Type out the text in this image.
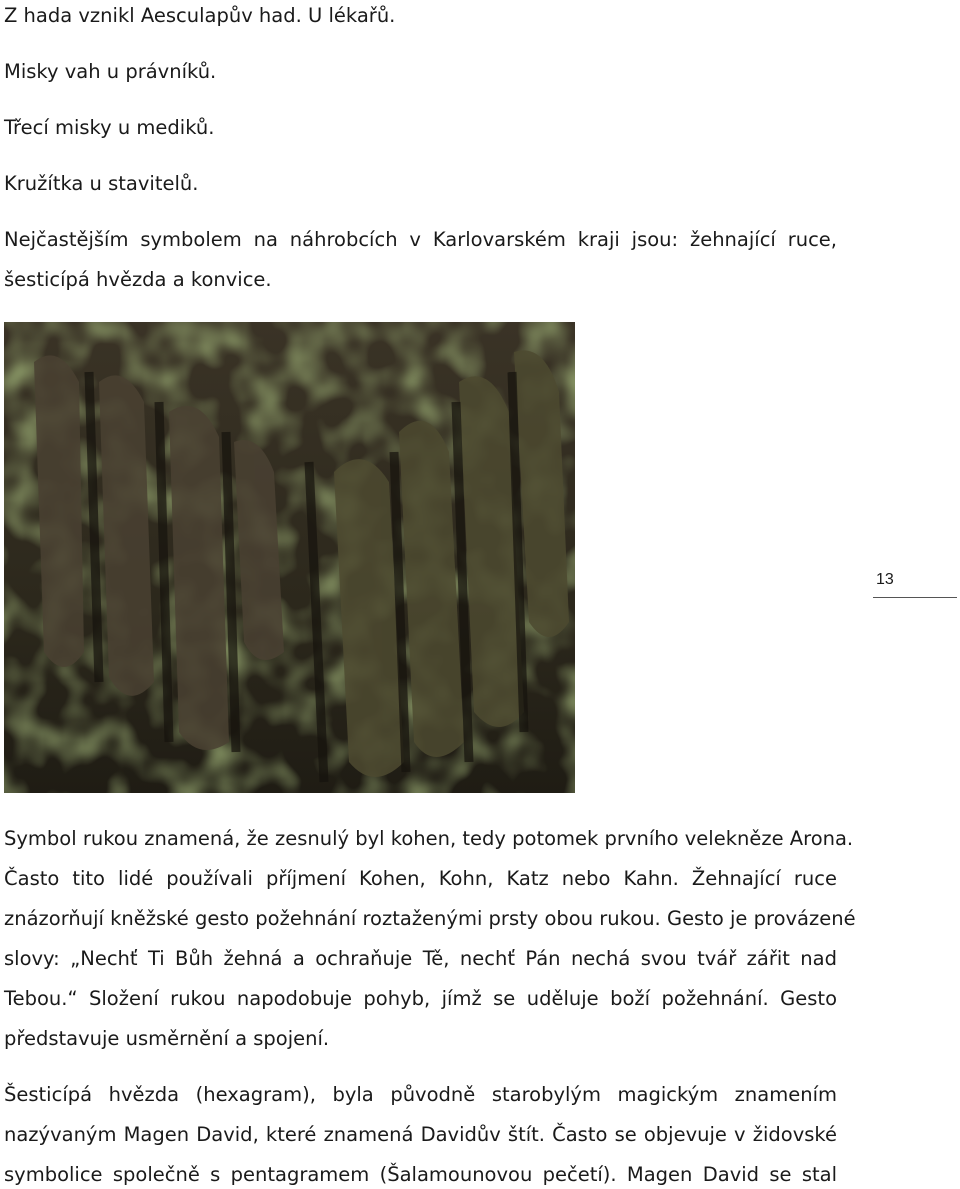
Z hada vznikl Aesculapův had. U lékařů.

Misky vah u právníků.

Třecí misky u mediků.

Kružítka u stavitelů.

Nejčastějším symbolem na náhrobcích v Karlovarském kraji jsou: žehnající ruce,

šesticípá hvězda a konvice.

13

Symbol rukou znamená, že zesnulý byl kohen, tedy potomek prvního velekněze Arona.

Často tito lidé používali příjmení Kohen, Kohn, Katz nebo Kahn. Žehnající ruce

znázorňují kněžské gesto požehnání roztaženými prsty obou rukou. Gesto je provázené

slovy: „Nechť Ti Bůh žehná a ochraňuje Tě, nechť Pán nechá svou tvář zářit nad

Tebou.“ Složení rukou napodobuje pohyb, jímž se uděluje boží požehnání. Gesto

představuje usměrnění a spojení.

Šesticípá hvězda (hexagram), byla původně starobylým magickým znamením

nazývaným Magen David, které znamená Davidův štít. Často se objevuje v židovské

symbolice společně s pentagramem (Šalamounovou pečetí). Magen David se stal
